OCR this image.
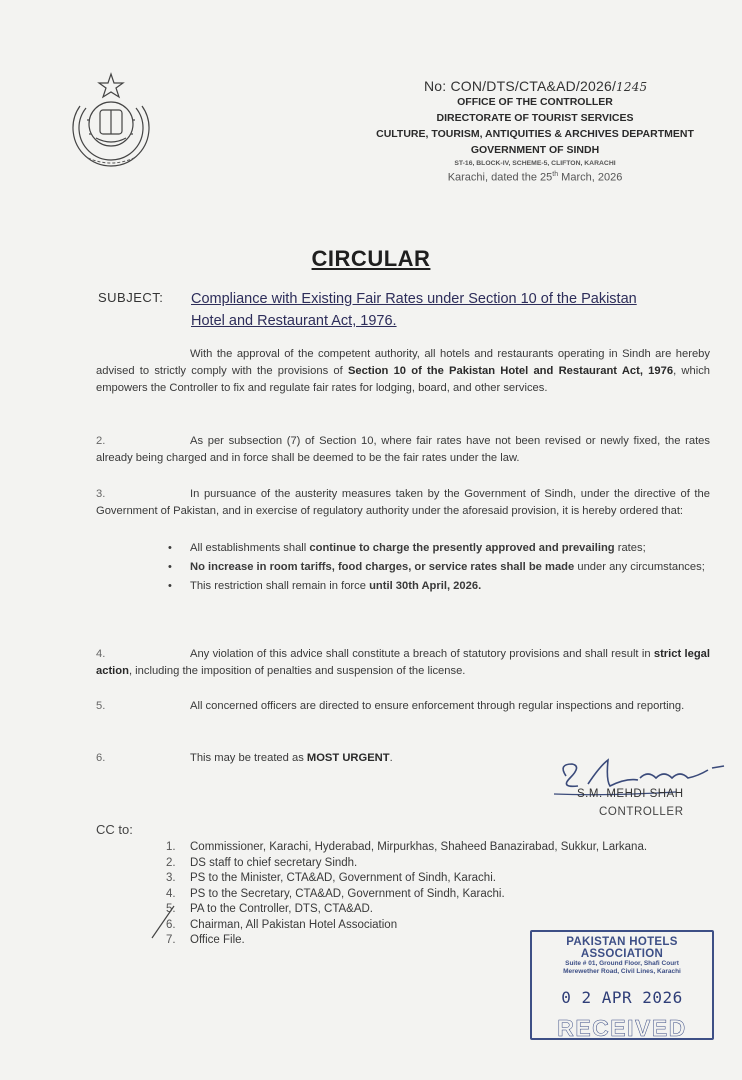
No: CON/DTS/CTA&AD/2026/1245
OFFICE OF THE CONTROLLER
DIRECTORATE OF TOURIST SERVICES
CULTURE, TOURISM, ANTIQUITIES & ARCHIVES DEPARTMENT
GOVERNMENT OF SINDH
ST-16, BLOCK-IV, SCHEME-5, CLIFTON, KARACHI
Karachi, dated the 25th March, 2026
CIRCULAR
SUBJECT: Compliance with Existing Fair Rates under Section 10 of the Pakistan Hotel and Restaurant Act, 1976.
With the approval of the competent authority, all hotels and restaurants operating in Sindh are hereby advised to strictly comply with the provisions of Section 10 of the Pakistan Hotel and Restaurant Act, 1976, which empowers the Controller to fix and regulate fair rates for lodging, board, and other services.
2.	As per subsection (7) of Section 10, where fair rates have not been revised or newly fixed, the rates already being charged and in force shall be deemed to be the fair rates under the law.
3.	In pursuance of the austerity measures taken by the Government of Sindh, under the directive of the Government of Pakistan, and in exercise of regulatory authority under the aforesaid provision, it is hereby ordered that:
• All establishments shall continue to charge the presently approved and prevailing rates;
• No increase in room tariffs, food charges, or service rates shall be made under any circumstances;
• This restriction shall remain in force until 30th April, 2026.
4.	Any violation of this advice shall constitute a breach of statutory provisions and shall result in strict legal action, including the imposition of penalties and suspension of the license.
5.	All concerned officers are directed to ensure enforcement through regular inspections and reporting.
6.	This may be treated as MOST URGENT.
S.M. MEHDI SHAH
CONTROLLER
CC to:
1. Commissioner, Karachi, Hyderabad, Mirpurkhas, Shaheed Banazirabad, Sukkur, Larkana.
2. DS staff to chief secretary Sindh.
3. PS to the Minister, CTA&AD, Government of Sindh, Karachi.
4. PS to the Secretary, CTA&AD, Government of Sindh, Karachi.
5. PA to the Controller, DTS, CTA&AD.
6. Chairman, All Pakistan Hotel Association
7. Office File.	PAKISTAN HOTELS ASSOCIATION
Suite # 01, Ground Floor, Shafi Court
Merewether Road, Civil Lines, Karachi
0 2 APR 2026
RECEIVED
